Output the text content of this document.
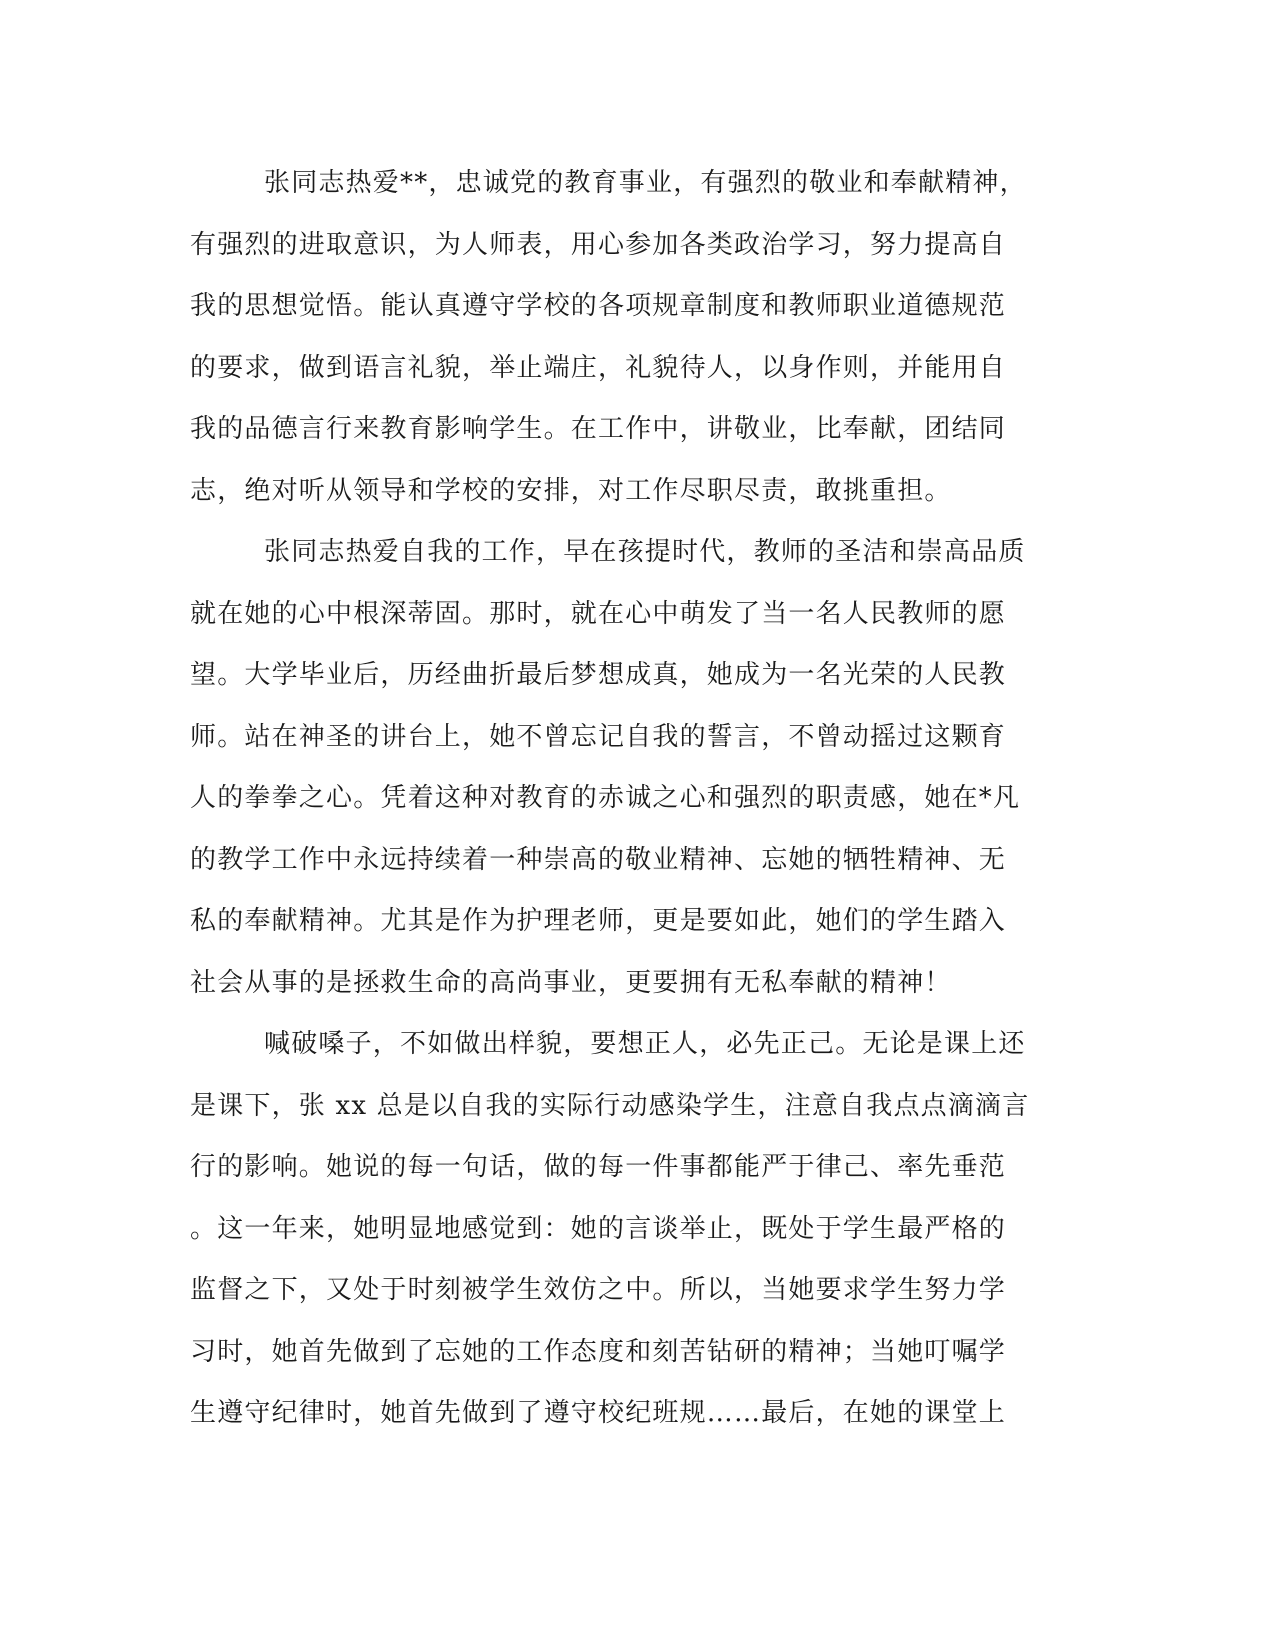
张同志热爱**，忠诚党的教育事业，有强烈的敬业和奉献精神，
有强烈的进取意识，为人师表，用心参加各类政治学习，努力提高自
我的思想觉悟。能认真遵守学校的各项规章制度和教师职业道德规范
的要求，做到语言礼貌，举止端庄，礼貌待人，以身作则，并能用自
我的品德言行来教育影响学生。在工作中，讲敬业，比奉献，团结同
志，绝对听从领导和学校的安排，对工作尽职尽责，敢挑重担。
张同志热爱自我的工作，早在孩提时代，教师的圣洁和崇高品质
就在她的心中根深蒂固。那时，就在心中萌发了当一名人民教师的愿
望。大学毕业后，历经曲折最后梦想成真，她成为一名光荣的人民教
师。站在神圣的讲台上，她不曾忘记自我的誓言，不曾动摇过这颗育
人的拳拳之心。凭着这种对教育的赤诚之心和强烈的职责感，她在*凡
的教学工作中永远持续着一种崇高的敬业精神、忘她的牺牲精神、无
私的奉献精神。尤其是作为护理老师，更是要如此，她们的学生踏入
社会从事的是拯救生命的高尚事业，更要拥有无私奉献的精神！
喊破嗓子，不如做出样貌，要想正人，必先正己。无论是课上还
是课下，张 xx 总是以自我的实际行动感染学生，注意自我点点滴滴言
行的影响。她说的每一句话，做的每一件事都能严于律己、率先垂范
。这一年来，她明显地感觉到：她的言谈举止，既处于学生最严格的
监督之下，又处于时刻被学生效仿之中。所以，当她要求学生努力学
习时，她首先做到了忘她的工作态度和刻苦钻研的精神；当她叮嘱学
生遵守纪律时，她首先做到了遵守校纪班规……最后，在她的课堂上
